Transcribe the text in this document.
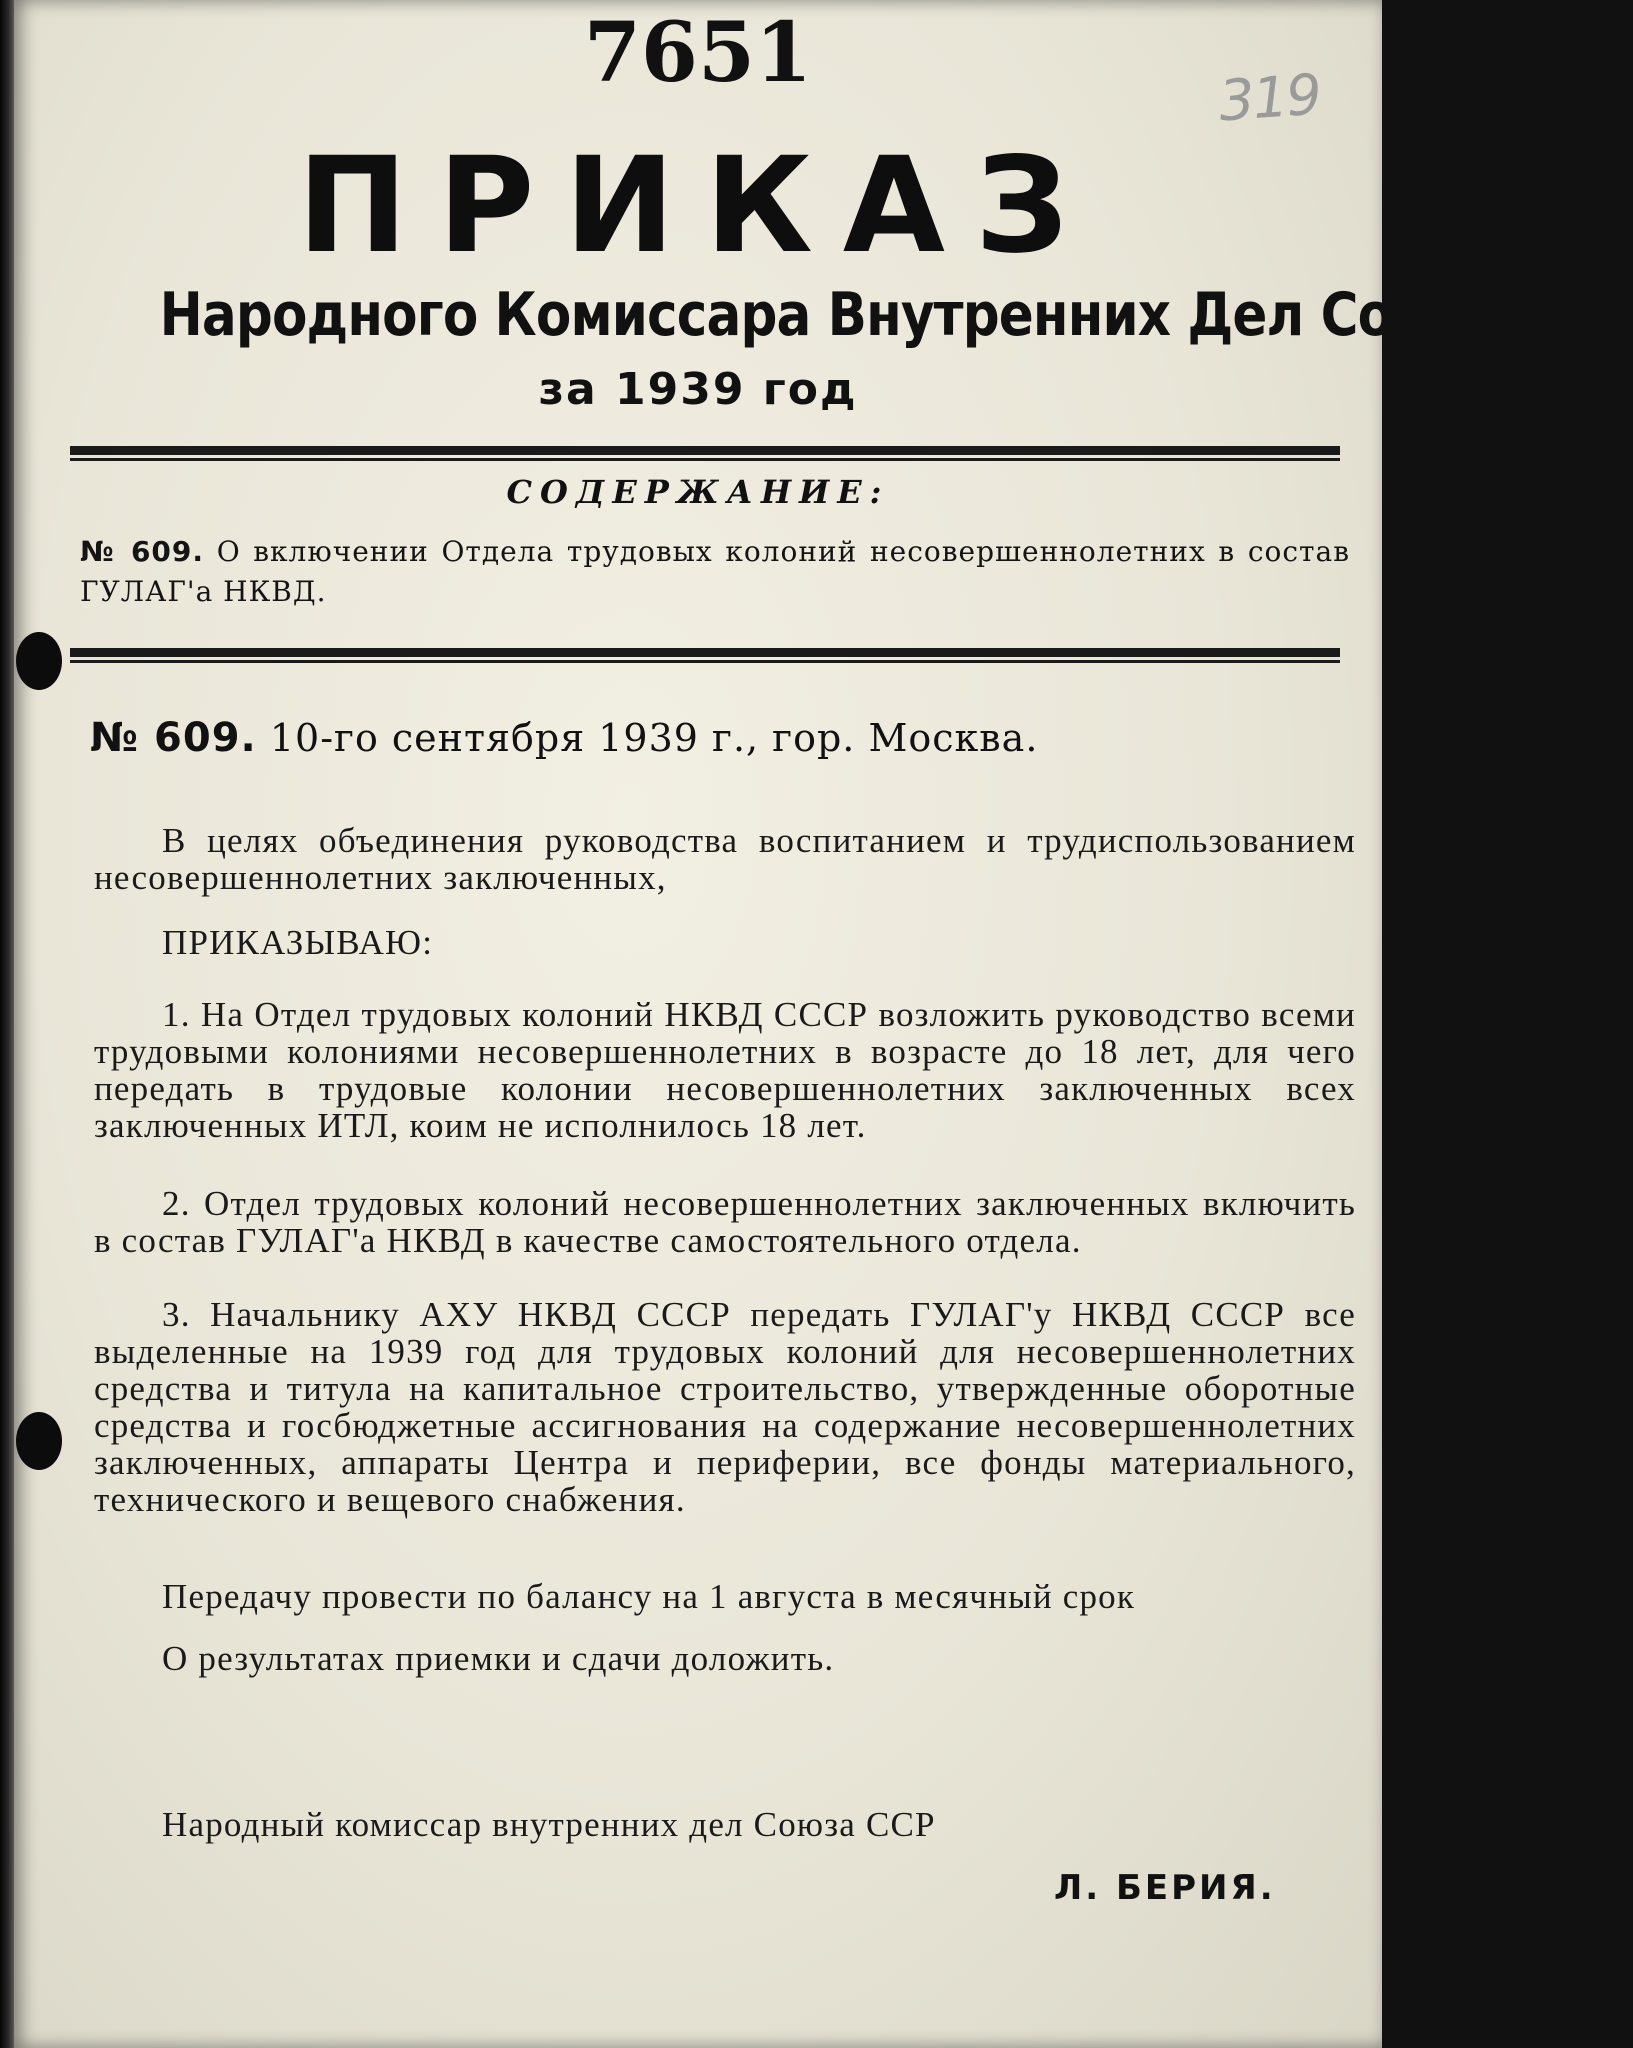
319
7651
ПРИКАЗ
Народного Комиссара Внутренних Дел Союза ССР
за 1939 год
СОДЕРЖАНИЕ:
№ 609. О включении Отдела трудовых колоний несовершеннолетних в состав ГУЛАГ'а НКВД.
№ 609. 10-го сентября 1939 г., гор. Москва.
В целях объединения руководства воспитанием и трудиспользованием несовершеннолетних заключенных,
ПРИКАЗЫВАЮ:
1. На Отдел трудовых колоний НКВД СССР возложить руководство всеми трудовыми колониями несовершеннолетних в возрасте до 18 лет, для чего передать в трудовые колонии несовершеннолетних заключенных всех заключенных ИТЛ, коим не исполнилось 18 лет.
2. Отдел трудовых колоний несовершеннолетних заключенных включить в состав ГУЛАГ'а НКВД в качестве самостоятельного отдела.
3. Начальнику АХУ НКВД СССР передать ГУЛАГ'у НКВД СССР все выделенные на 1939 год для трудовых колоний для несовершеннолетних средства и титула на капитальное строительство, утвержденные оборотные средства и госбюджетные ассигнования на содержание несовершеннолетних заключенных, аппараты Центра и периферии, все фонды материального, технического и вещевого снабжения.
Передачу провести по балансу на 1 августа в месячный срок
О результатах приемки и сдачи доложить.
Народный комиссар внутренних дел Союза ССР
Л. БЕРИЯ.
